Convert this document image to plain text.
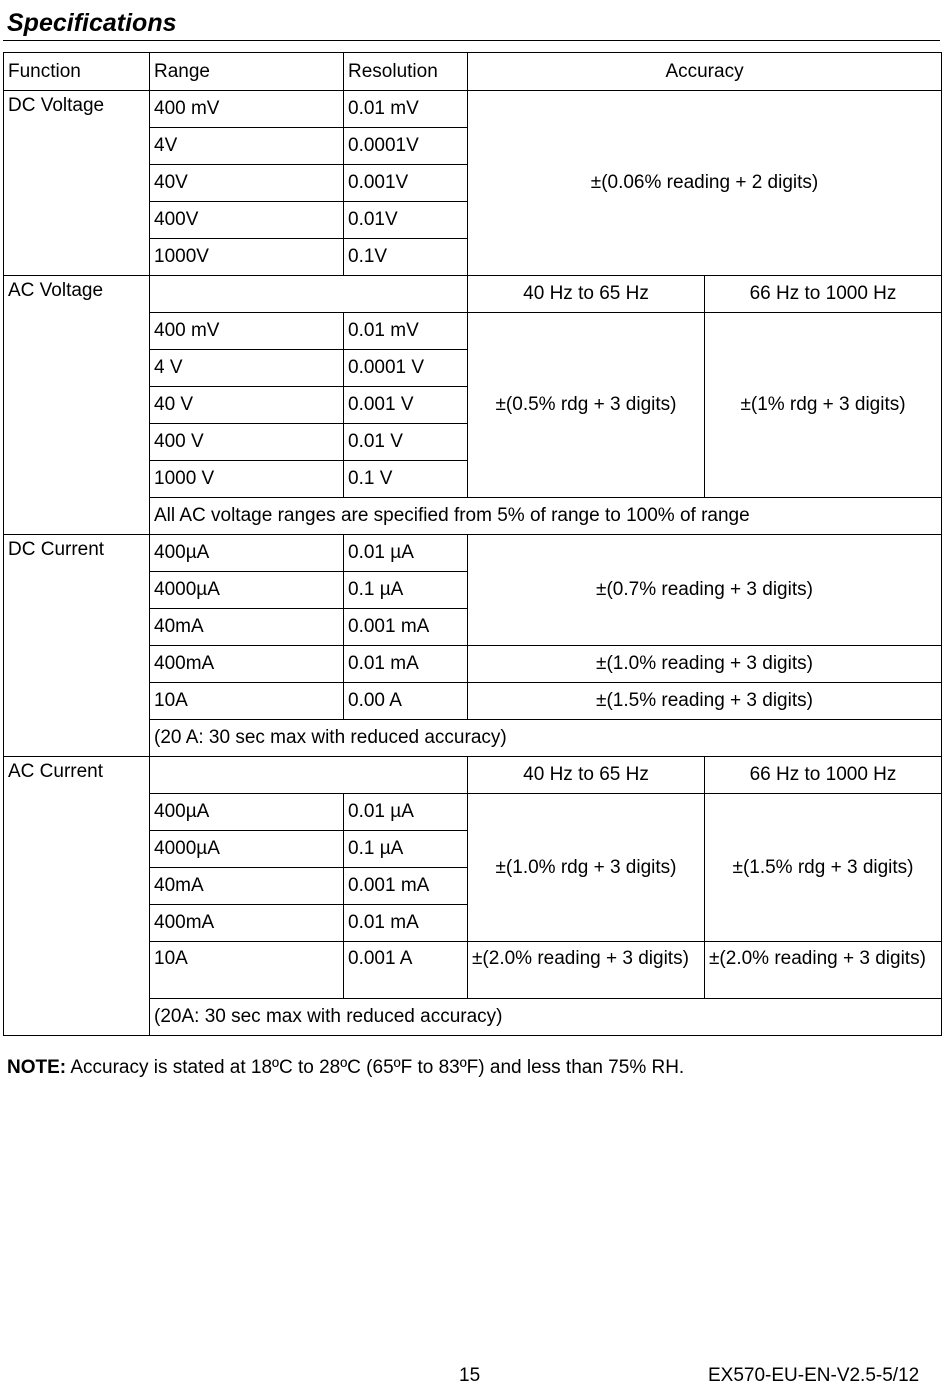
Specifications
Function	Range	Resolution	Accuracy	
DC Voltage	400 mV	0.01 mV	±(0.06% reading + 2 digits)	
	4V	0.0001V		
	40V	0.001V		
	400V	0.01V		
	1000V	0.1V		
AC Voltage			40 Hz to 65 Hz	66 Hz to 1000 Hz
	400 mV	0.01 mV	±(0.5% rdg + 3 digits)	±(1% rdg + 3 digits)
	4 V	0.0001 V		
	40 V	0.001 V		
	400 V	0.01 V		
	1000 V	0.1 V		
	All AC voltage ranges are specified from 5% of range to 100% of range			
DC Current	400µA	0.01 µA	±(0.7% reading + 3 digits)	
	4000µA	0.1 µA		
	40mA	0.001 mA		
	400mA	0.01 mA	±(1.0% reading + 3 digits)	
	10A	0.00 A	±(1.5% reading + 3 digits)	
	(20 A: 30 sec max with reduced accuracy)			
AC Current			40 Hz to 65 Hz	66 Hz to 1000 Hz
	400µA	0.01 µA	±(1.0% rdg + 3 digits)	±(1.5% rdg + 3 digits)
	4000µA	0.1 µA		
	40mA	0.001 mA		
	400mA	0.01 mA		
	10A	0.001 A	±(2.0% reading + 3 digits)	±(2.0% reading + 3 digits)
	(20A: 30 sec max with reduced accuracy)			
NOTE: Accuracy is stated at 18ºC to 28ºC (65ºF to 83ºF) and less than 75% RH.
15	EX570-EU-EN-V2.5-5/12
